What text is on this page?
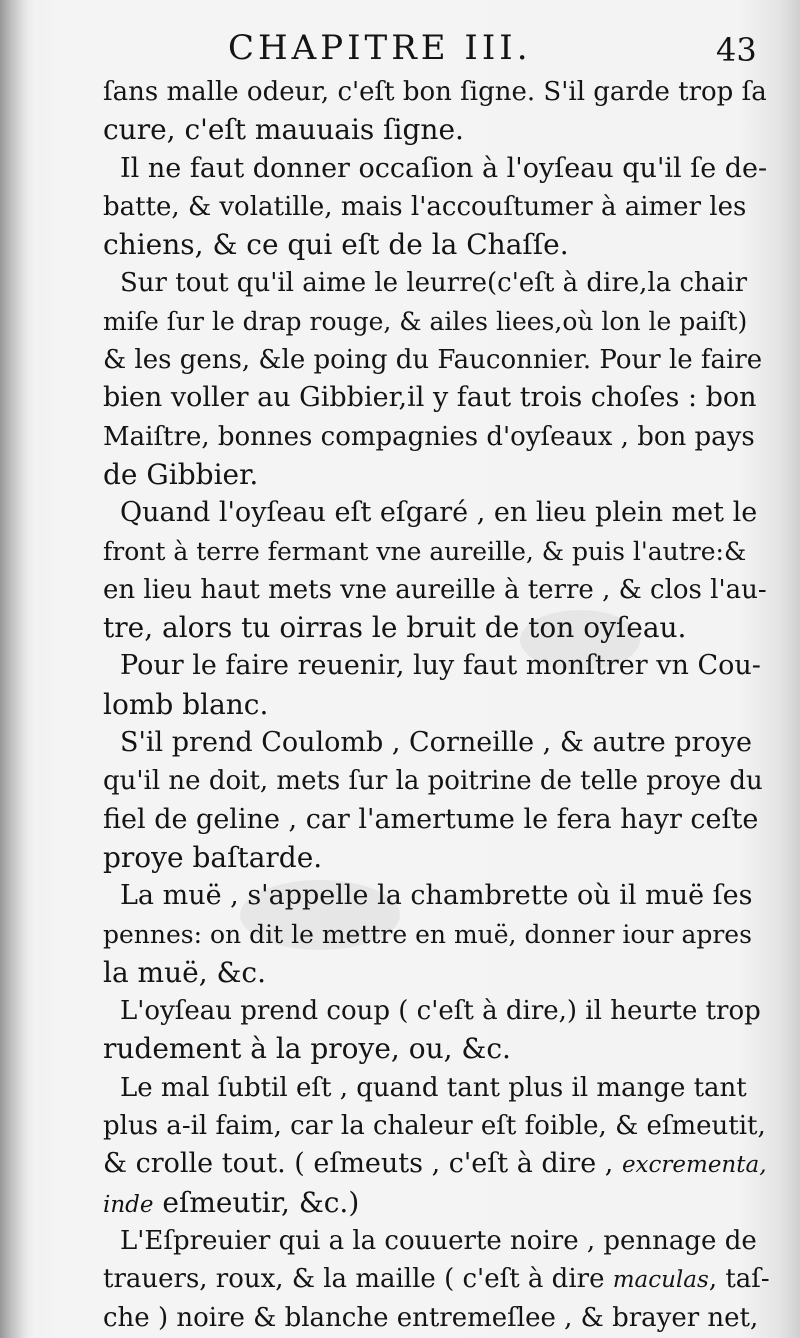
CHAPITRE III.	43
ſans malle odeur, c'eſt bon ſigne. S'il garde trop ſa
cure, c'eſt mauuais ſigne.
Il ne faut donner occaſion à l'oyſeau qu'il ſe de-
batte, & volatille, mais l'accouſtumer à aimer les
chiens, & ce qui eſt de la Chaſſe.
Sur tout qu'il aime le leurre(c'eſt à dire,la chair
miſe ſur le drap rouge, & ailes liees,où lon le paiſt)
& les gens, &le poing du Fauconnier. Pour le faire
bien voller au Gibbier,il y faut trois choſes : bon
Maiſtre, bonnes compagnies d'oyſeaux , bon pays
de Gibbier.
Quand l'oyſeau eſt eſgaré , en lieu plein met le
front à terre fermant vne aureille, & puis l'autre:&
en lieu haut mets vne aureille à terre , & clos l'au-
tre, alors tu oirras le bruit de ton oyſeau.
Pour le faire reuenir, luy faut monſtrer vn Cou-
lomb blanc.
S'il prend Coulomb , Corneille , & autre proye
qu'il ne doit, mets ſur la poitrine de telle proye du
fiel de geline , car l'amertume le fera hayr ceſte
proye baſtarde.
La muë , s'appelle la chambrette où il muë ſes
pennes: on dit le mettre en muë, donner iour apres
la muë, &c.
L'oyſeau prend coup ( c'eſt à dire,) il heurte trop
rudement à la proye, ou, &c.
Le mal ſubtil eſt , quand tant plus il mange tant
plus a-il faim, car la chaleur eſt foible, & eſmeutit,
& crolle tout. ( eſmeuts , c'eſt à dire , excrementa,
inde eſmeutir, &c.)
L'Eſpreuier qui a la couuerte noire , pennage de
trauers, roux, & la maille ( c'eſt à dire maculas, taſ-
che ) noire & blanche entremeſlee , & brayer net,
